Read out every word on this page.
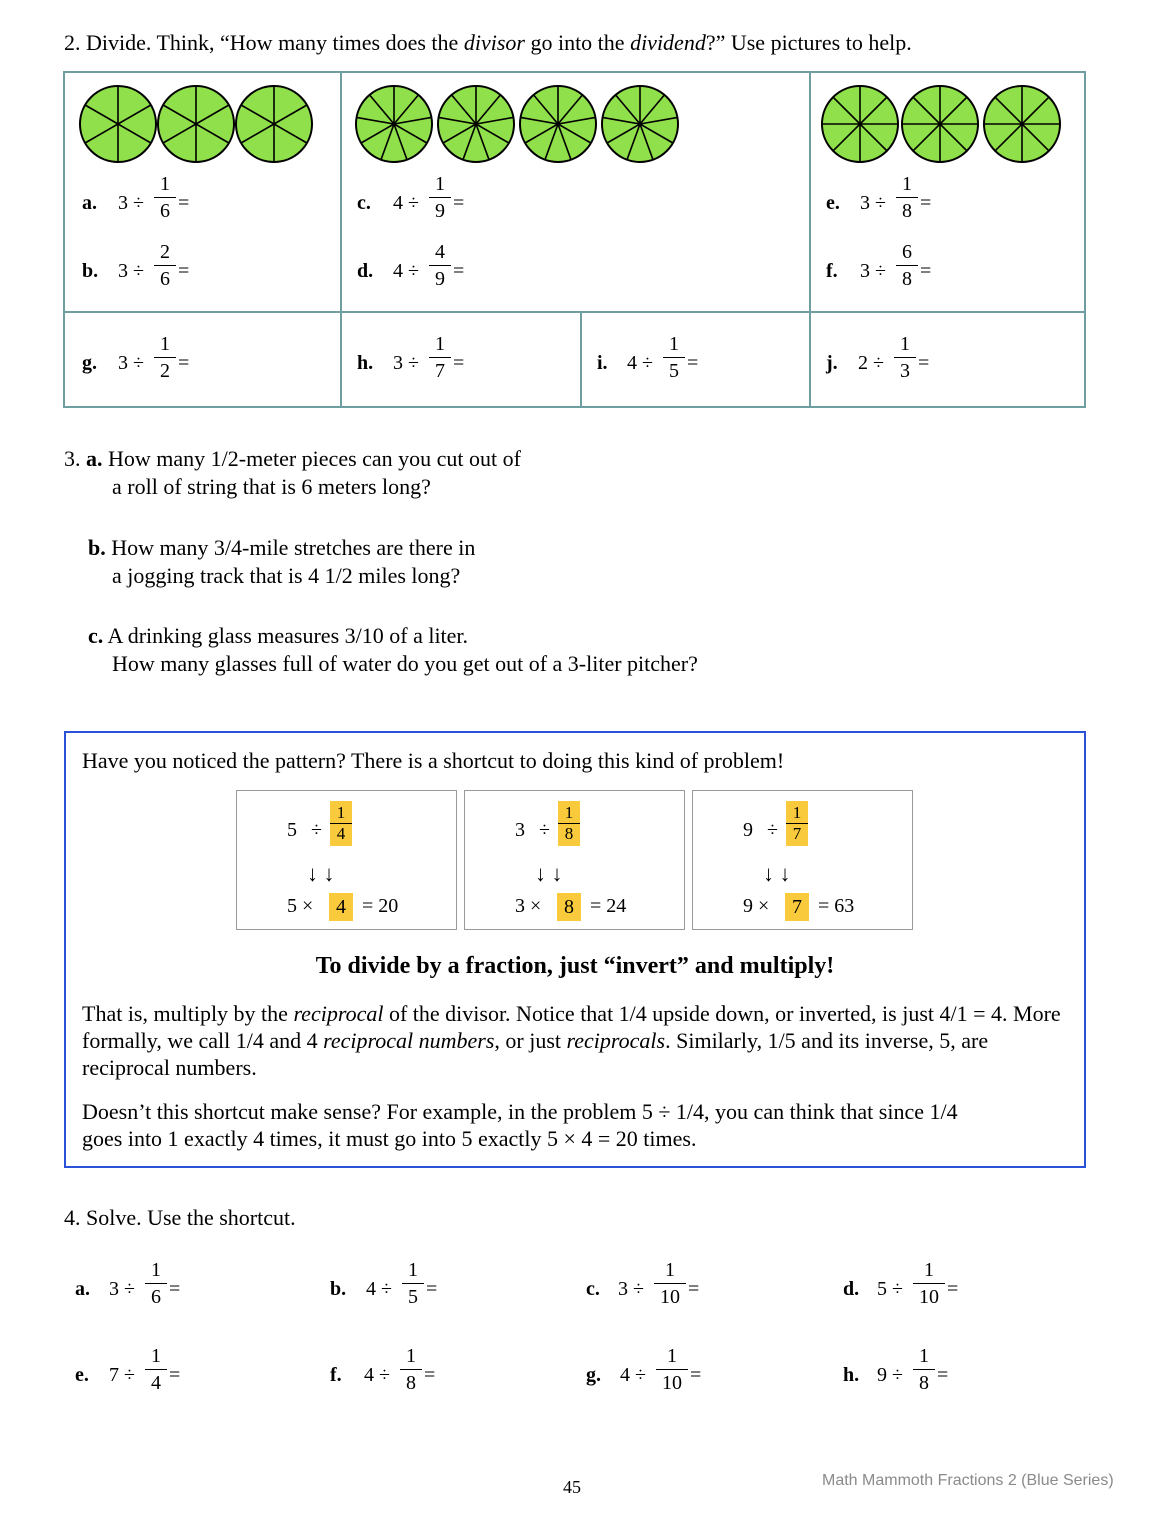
2. Divide. Think, “How many times does the divisor go into the dividend?” Use pictures to help.
a. 3 ÷
1
6 =
b. 3 ÷
2
6 =
c. 4 ÷
1
9 =
d. 4 ÷
4
9 =
e. 3 ÷
1
8 =
f. 3 ÷
6
8 =
g. 3 ÷
1
2 =	h. 3 ÷
1
7 =	i. 4 ÷
1
5 =	j. 2 ÷
1
3 =
3. a. How many 1/2-meter pieces can you cut out of
a roll of string that is 6 meters long?
b. How many 3/4-mile stretches are there in
a jogging track that is 4 1/2 miles long?
c. A drinking glass measures 3/10 of a liter.
How many glasses full of water do you get out of a 3-liter pitcher?
Have you noticed the pattern? There is a shortcut to doing this kind of problem!
5 ÷
1
4
↓ ↓
5 ×	4 = 20
3 ÷
1
8
↓ ↓
3 ×	8 = 24
9 ÷
1
7
↓ ↓
9 ×	7 = 63
To divide by a fraction, just “invert” and multiply!
That is, multiply by the reciprocal of the divisor. Notice that 1/4 upside down, or inverted, is just 4/1 = 4. More formally, we call 1/4 and 4 reciprocal numbers, or just reciprocals. Similarly, 1/5 and its inverse, 5, are reciprocal numbers.
Doesn’t this shortcut make sense? For example, in the problem 5 ÷ 1/4, you can think that since 1/4 goes into 1 exactly 4 times, it must go into 5 exactly 5 × 4 = 20 times.
4. Solve. Use the shortcut.
a. 3 ÷
1
6 =	b. 4 ÷
1
5 =	c. 3 ÷
1
10 =	d. 5 ÷
1
10 =
e. 7 ÷
1
4 =	f. 4 ÷
1
8 =	g. 4 ÷
1
10 =	h. 9 ÷
1
8 =
45	Math Mammoth Fractions 2 (Blue Series)
